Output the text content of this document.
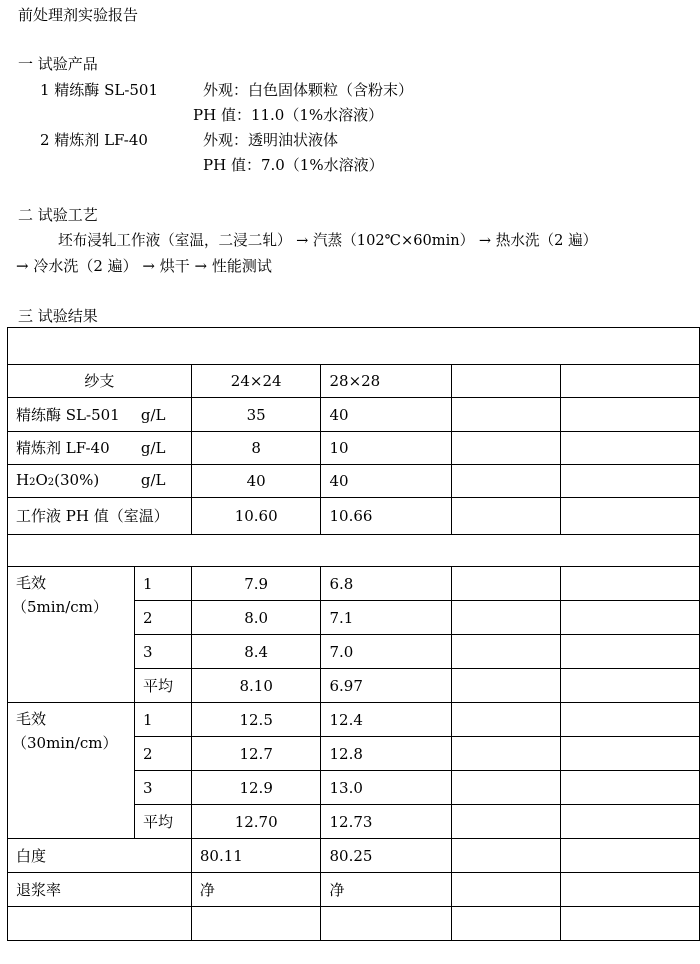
前处理剂实验报告
一 试验产品
1 精练酶 SL-501	外观：白色固体颗粒（含粉末）
PH 值：11.0（1%水溶液）
2 精炼剂 LF-40	外观：透明油状液体
PH 值：7.0（1%水溶液）
二 试验工艺
坯布浸轧工作液（室温，二浸二轧） → 汽蒸（102℃×60min） → 热水洗（2 遍）
→ 冷水洗（2 遍） → 烘干 → 性能测试
三 试验结果

纱支		24×24	28×28		
精练酶 SL-501 g/L		35	40		
精炼剂 LF-40 g/L		8	10		
H2O2(30%) g/L		40	40		
工作液 PH 值（室温）		10.60	10.66		

毛效
（5min/cm）	1	7.9	6.8		
	2	8.0	7.1		
	3	8.4	7.0		
	平均	8.10	6.97		

毛效
（30min/cm）	1	12.5	12.4		
	2	12.7	12.8		
	3	12.9	13.0		
	平均	12.70	12.73		
白度		80.11	80.25		
退浆率		净	净		
